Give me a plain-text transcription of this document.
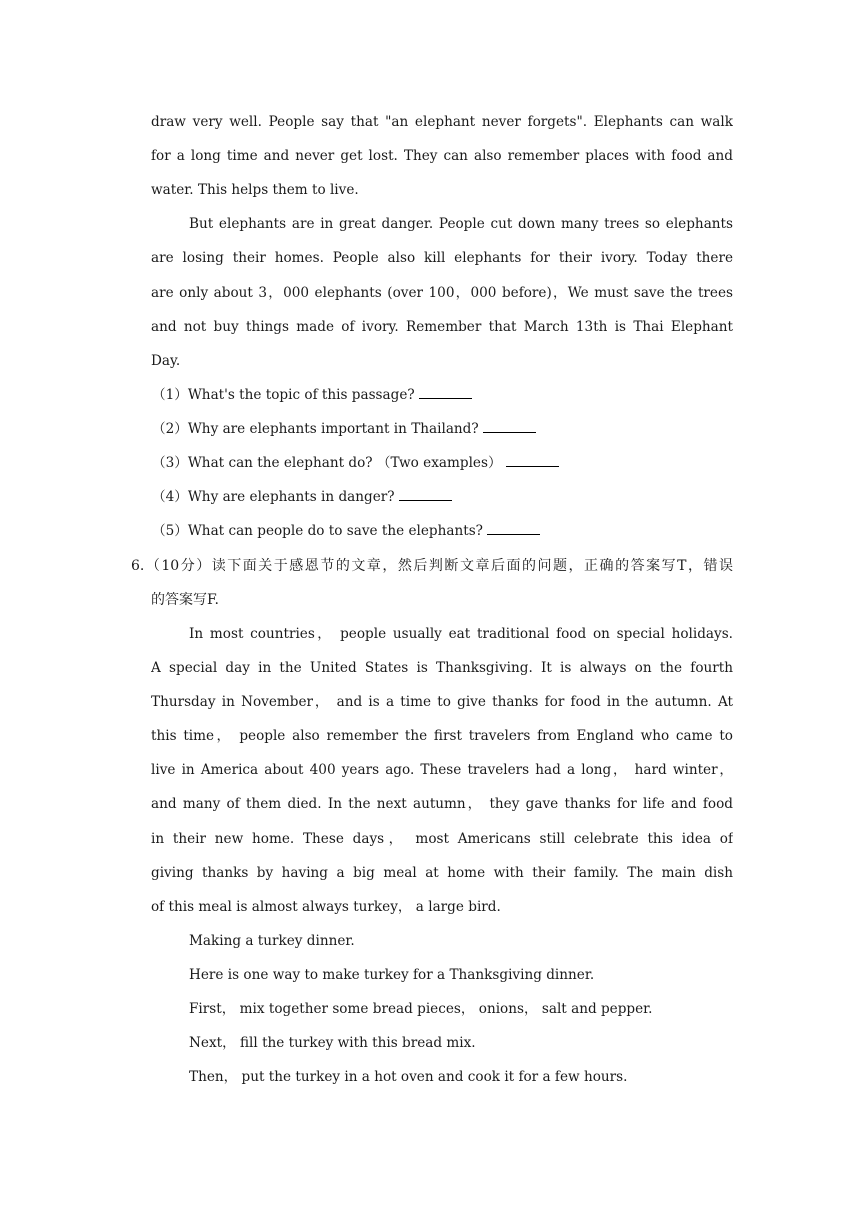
draw very well. People say that "an elephant never forgets". Elephants can walk
for a long time and never get lost. They can also remember places with food and
water. This helps them to live.
But elephants are in great danger. People cut down many trees so elephants
are losing their homes. People also kill elephants for their ivory. Today there
are only about 3，000 elephants (over 100，000 before)，We must save the trees
and not buy things made of ivory. Remember that March 13th is Thai Elephant
Day.
（1）What's the topic of this passage?
（2）Why are elephants important in Thailand?
（3）What can the elephant do? （Two examples）
（4）Why are elephants in danger?
（5）What can people do to save the elephants?
6.（10分）读下面关于感恩节的文章，然后判断文章后面的问题，正确的答案写T，错误
的答案写F.
In most countries， people usually eat traditional food on special holidays.
A special day in the United States is Thanksgiving. It is always on the fourth
Thursday in November， and is a time to give thanks for food in the autumn. At
this time， people also remember the first travelers from England who came to
live in America about 400 years ago. These travelers had a long， hard winter，
and many of them died. In the next autumn， they gave thanks for life and food
in their new home. These days， most Americans still celebrate this idea of
giving thanks by having a big meal at home with their family. The main dish
of this meal is almost always turkey， a large bird.
Making a turkey dinner.
Here is one way to make turkey for a Thanksgiving dinner.
First， mix together some bread pieces， onions， salt and pepper.
Next， fill the turkey with this bread mix.
Then， put the turkey in a hot oven and cook it for a few hours.
